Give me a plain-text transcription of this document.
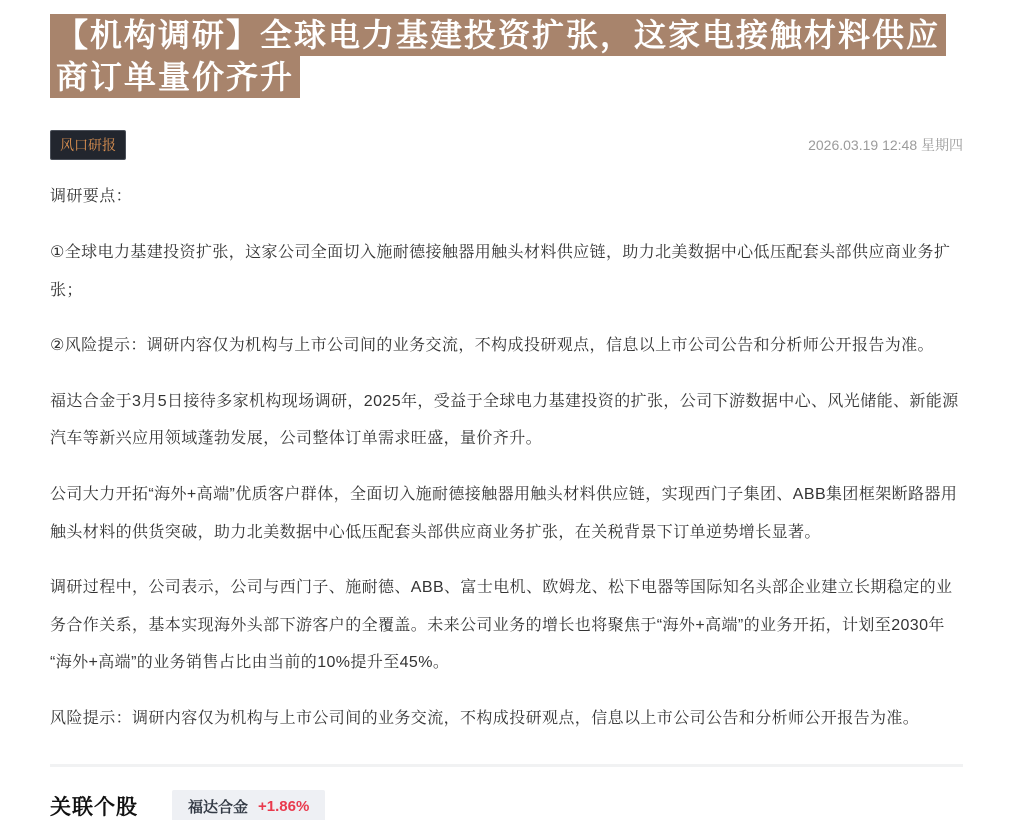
【机构调研】全球电力基建投资扩张，这家电接触材料供应商订单量价齐升
风口研报	2026.03.19 12:48 星期四

调研要点：

①全球电力基建投资扩张，这家公司全面切入施耐德接触器用触头材料供应链，助力北美数据中心低压配套头部供应商业务扩张；

②风险提示：调研内容仅为机构与上市公司间的业务交流，不构成投研观点，信息以上市公司公告和分析师公开报告为准。

福达合金于3月5日接待多家机构现场调研，2025年，受益于全球电力基建投资的扩张，公司下游数据中心、风光储能、新能源汽车等新兴应用领域蓬勃发展，公司整体订单需求旺盛，量价齐升。

公司大力开拓“海外+高端”优质客户群体，全面切入施耐德接触器用触头材料供应链，实现西门子集团、ABB集团框架断路器用触头材料的供货突破，助力北美数据中心低压配套头部供应商业务扩张，在关税背景下订单逆势增长显著。

调研过程中，公司表示，公司与西门子、施耐德、ABB、富士电机、欧姆龙、松下电器等国际知名头部企业建立长期稳定的业务合作关系，基本实现海外头部下游客户的全覆盖。未来公司业务的增长也将聚焦于“海外+高端”的业务开拓，计划至2030年“海外+高端”的业务销售占比由当前的10%提升至45%。

风险提示：调研内容仅为机构与上市公司间的业务交流，不构成投研观点，信息以上市公司公告和分析师公开报告为准。

关联个股	福达合金 +1.86%
